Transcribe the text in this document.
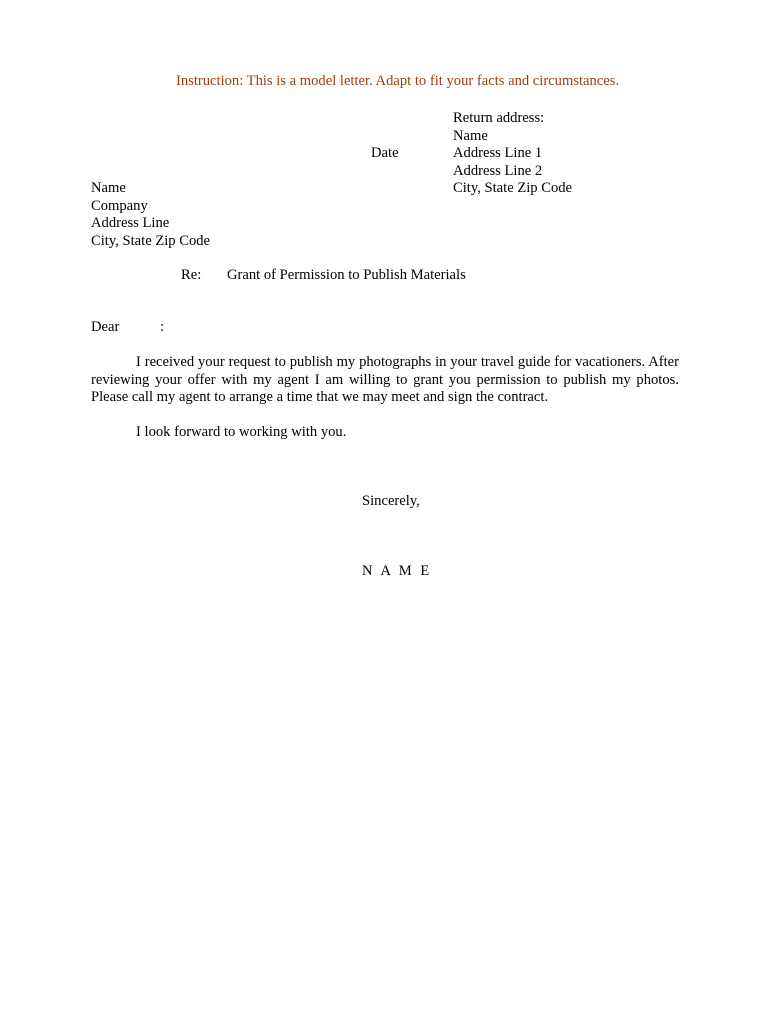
Instruction: This is a model letter. Adapt to fit your facts and circumstances.
Date
Return address:
Name
Address Line 1
Address Line 2
City, State Zip Code
Name
Company
Address Line
City, State Zip Code
Re: Grant of Permission to Publish Materials
Dear	:

I received your request to publish my photographs in your travel guide for vacationers. After reviewing your offer with my agent I am willing to grant you permission to publish my photos. Please call my agent to arrange a time that we may meet and sign the contract.

I look forward to working with you.
Sincerely,
N A M E
